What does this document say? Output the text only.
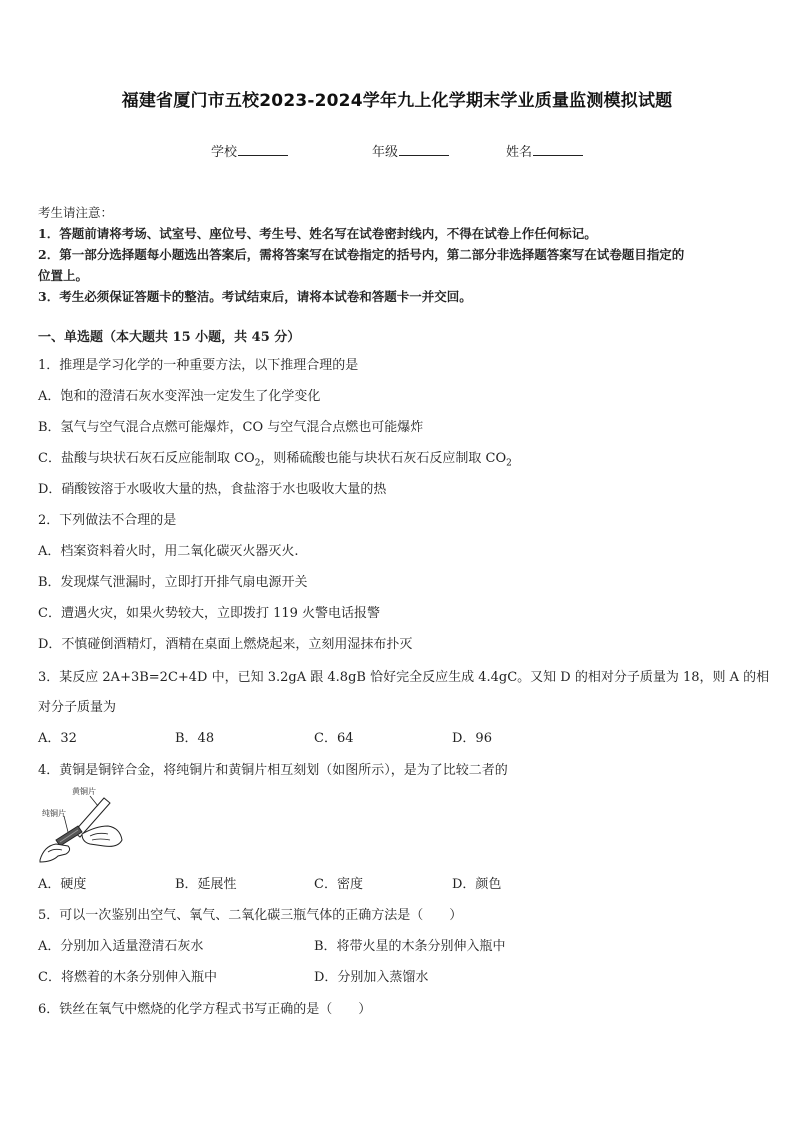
福建省厦门市五校2023-2024学年九上化学期末学业质量监测模拟试题
学校	年级	姓名
考生请注意：
1．答题前请将考场、试室号、座位号、考生号、姓名写在试卷密封线内，不得在试卷上作任何标记。
2．第一部分选择题每小题选出答案后，需将答案写在试卷指定的括号内，第二部分非选择题答案写在试卷题目指定的
位置上。
3．考生必须保证答题卡的整洁。考试结束后，请将本试卷和答题卡一并交回。
一、单选题（本大题共 15 小题，共 45 分）
1．推理是学习化学的一种重要方法，以下推理合理的是
A．饱和的澄清石灰水变浑浊一定发生了化学变化
B．氢气与空气混合点燃可能爆炸，CO 与空气混合点燃也可能爆炸
C．盐酸与块状石灰石反应能制取 $CO_2$，则稀硫酸也能与块状石灰石反应制取 $CO_2$
D．硝酸铵溶于水吸收大量的热，食盐溶于水也吸收大量的热
2．下列做法不合理的是
A．档案资料着火时，用二氧化碳灭火器灭火.
B．发现煤气泄漏时，立即打开排气扇电源开关
C．遭遇火灾，如果火势较大，立即拨打 119 火警电话报警
D．不慎碰倒酒精灯，酒精在桌面上燃烧起来，立刻用湿抹布扑灭
3．某反应 2A+3B=2C+4D 中，已知 3.2gA 跟 4.8gB 恰好完全反应生成 4.4gC。又知 D 的相对分子质量为 18，则 A 的相
对分子质量为
A．32	B．48	C．64	D．96
4．黄铜是铜锌合金，将纯铜片和黄铜片相互刻划（如图所示），是为了比较二者的
黄铜片
纯铜片
A．硬度	B．延展性	C．密度	D．颜色
5．可以一次鉴别出空气、氧气、二氧化碳三瓶气体的正确方法是（　　）
A．分别加入适量澄清石灰水	B．将带火星的木条分别伸入瓶中
C．将燃着的木条分别伸入瓶中	D．分别加入蒸馏水
6．铁丝在氧气中燃烧的化学方程式书写正确的是（　　）
